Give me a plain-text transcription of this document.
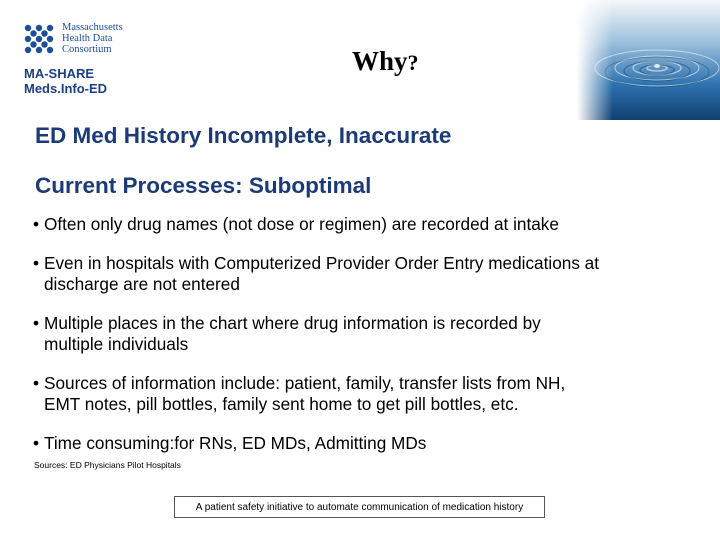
Massachusetts
Health Data
Consortium
MA-SHARE
Meds.Info-ED
Why?
ED Med History Incomplete, Inaccurate
Current Processes: Suboptimal
• Often only drug names (not dose or regimen) are recorded at intake
• Even in hospitals with Computerized Provider Order Entry medications at
discharge are not entered
• Multiple places in the chart where drug information is recorded by
multiple individuals
• Sources of information include: patient, family, transfer lists from NH,
EMT notes, pill bottles, family sent home to get pill bottles, etc.
• Time consuming:for RNs, ED MDs, Admitting MDs
Sources: ED Physicians Pilot Hospitals
A patient safety initiative to automate communication of medication history
